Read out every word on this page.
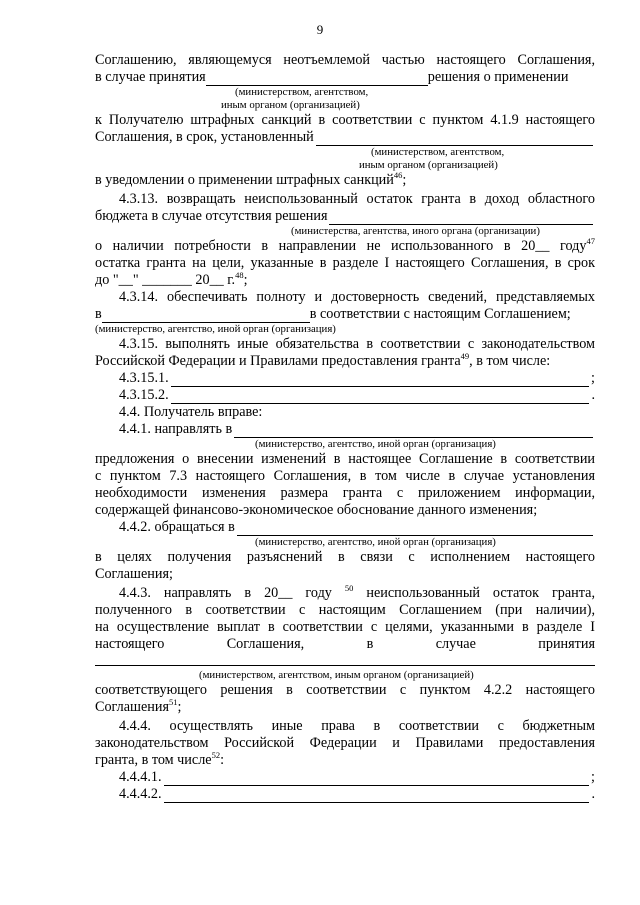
9
Соглашению, являющемуся неотъемлемой частью настоящего Соглашения,
в случае принятия	решения о применении
(министерством, агентством,
иным органом (организацией)
к Получателю штрафных санкций в соответствии с пунктом 4.1.9 настоящего
Соглашения, в срок, установленный
(министерством, агентством,
иным органом (организацией)
в уведомлении о применении штрафных санкций$^{46}$;
4.3.13. возвращать неиспользованный остаток гранта в доход областного
бюджета в случае отсутствия решения
(министерства, агентства, иного органа (организации)
о наличии потребности в направлении не использованного в 20__ году$^{47}$
остатка гранта на цели, указанные в разделе I настоящего Соглашения, в срок
до "__" _______ 20__ г.$^{48}$;
4.3.14. обеспечивать полноту и достоверность сведений, представляемых
в	в соответствии с настоящим Соглашением;
(министерство, агентство, иной орган (организация)
4.3.15. выполнять иные обязательства в соответствии с законодательством
Российской Федерации и Правилами предоставления гранта$^{49}$, в том числе:
4.3.15.1.	;
4.3.15.2.	.
4.4. Получатель вправе:
4.4.1. направлять в
(министерство, агентство, иной орган (организация)
предложения о внесении изменений в настоящее Соглашение в соответствии
с пунктом 7.3 настоящего Соглашения, в том числе в случае установления
необходимости изменения размера гранта с приложением информации,
содержащей финансово-экономическое обоснование данного изменения;
4.4.2. обращаться в
(министерство, агентство, иной орган (организация)
в целях получения разъяснений в связи с исполнением настоящего
Соглашения;
4.4.3. направлять в 20__ году $^{50}$ неиспользованный остаток гранта,
полученного в соответствии с настоящим Соглашением (при наличии),
на осуществление выплат в соответствии с целями, указанными в разделе I
настоящего Соглашения, в случае принятия
(министерством, агентством, иным органом (организацией)
соответствующего решения в соответствии с пунктом 4.2.2 настоящего
Соглашения$^{51}$;
4.4.4. осуществлять иные права в соответствии с бюджетным
законодательством Российской Федерации и Правилами предоставления
гранта, в том числе$^{52}$:
4.4.4.1.	;
4.4.4.2.	.
